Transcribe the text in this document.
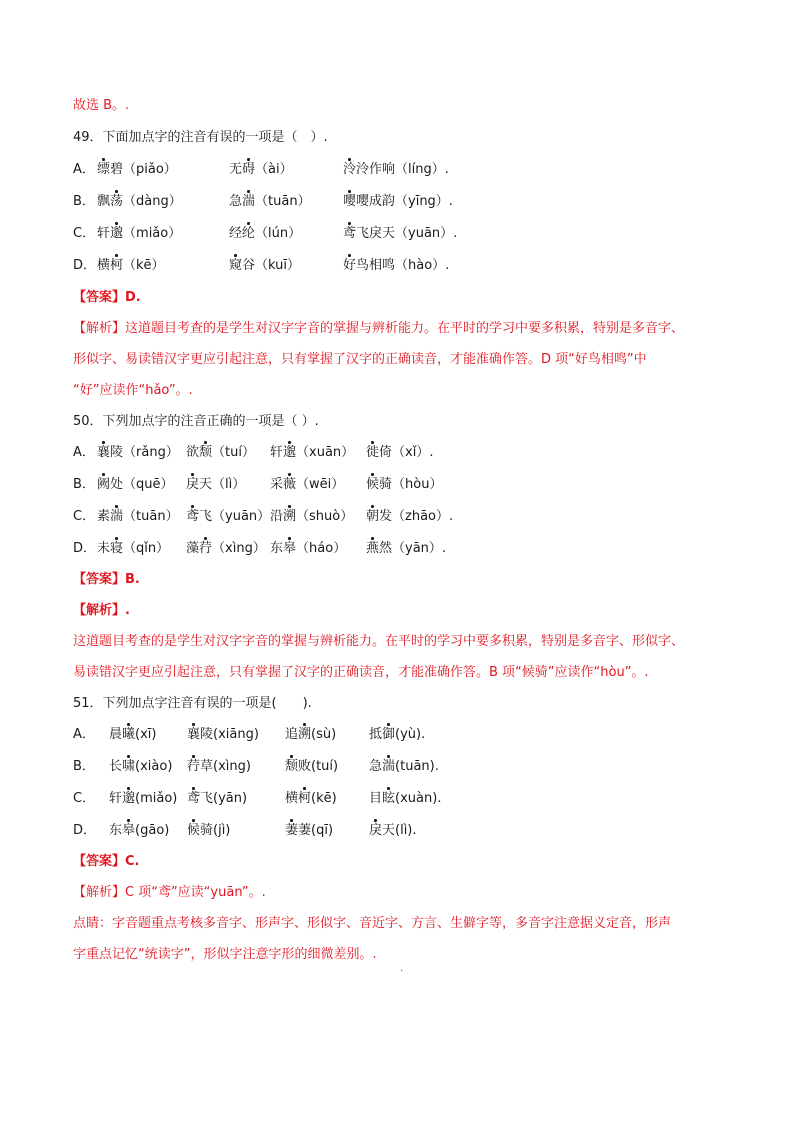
故选 B。.
49．下面加点字的注音有误的一项是（　）.
A． 缥碧（piǎo）	无碍（ài）	泠泠作响（líng）.
B． 飘荡（dàng）	急湍（tuān） 嘤嘤成韵（yīng）.
C． 轩邈（miǎo）	经纶（lún）	鸢飞戾天（yuān）.
D． 横柯（kē）	窥谷（kuī）	好鸟相鸣（hào）.
【答案】D.
【解析】这道题目考查的是学生对汉字字音的掌握与辨析能力。在平时的学习中要多积累，特别是多音字、
形似字、易读错汉字更应引起注意，只有掌握了汉字的正确读音，才能准确作答。D 项“好鸟相鸣”中
“好”应读作“hǎo”。.
50．下列加点字的注音正确的一项是（ ）.
A． 襄陵（rǎng） 欲颓（tuí） 轩邈（xuān） 徙倚（xǐ）.
B． 阙处（quē） 戾天（lì） 采薇（wēi） 候骑（hòu）
C． 素湍（tuān） 鸢飞（yuān） 沿溯（shuò） 朝发（zhāo）.
D． 未寝（qǐn） 藻荇（xìng） 东皋（háo） 燕然（yān）.
【答案】B.
【解析】.
这道题目考查的是学生对汉字字音的掌握与辨析能力。在平时的学习中要多积累，特别是多音字、形似字、
易读错汉字更应引起注意，只有掌握了汉字的正确读音，才能准确作答。B 项“候骑”应读作“hòu”。.
51．下列加点字注音有误的一项是(　　).
A． 晨曦(xī) 襄陵(xiāng) 追溯(sù)	抵御(yù).
B． 长啸(xiào) 荇草(xìng)	颓败(tuí) 急湍(tuān).
C． 轩邈(miǎo) 鸢飞(yān)	横柯(kē) 目眩(xuàn).
D． 东皋(gāo) 候骑(jì)	萋萋(qī)	戾天(lì).
【答案】C.
【解析】C 项“鸢”应读“yuān”。.
点睛：字音题重点考核多音字、形声字、形似字、音近字、方言、生僻字等，多音字注意据义定音，形声
字重点记忆“统读字”，形似字注意字形的细微差别。.
·
